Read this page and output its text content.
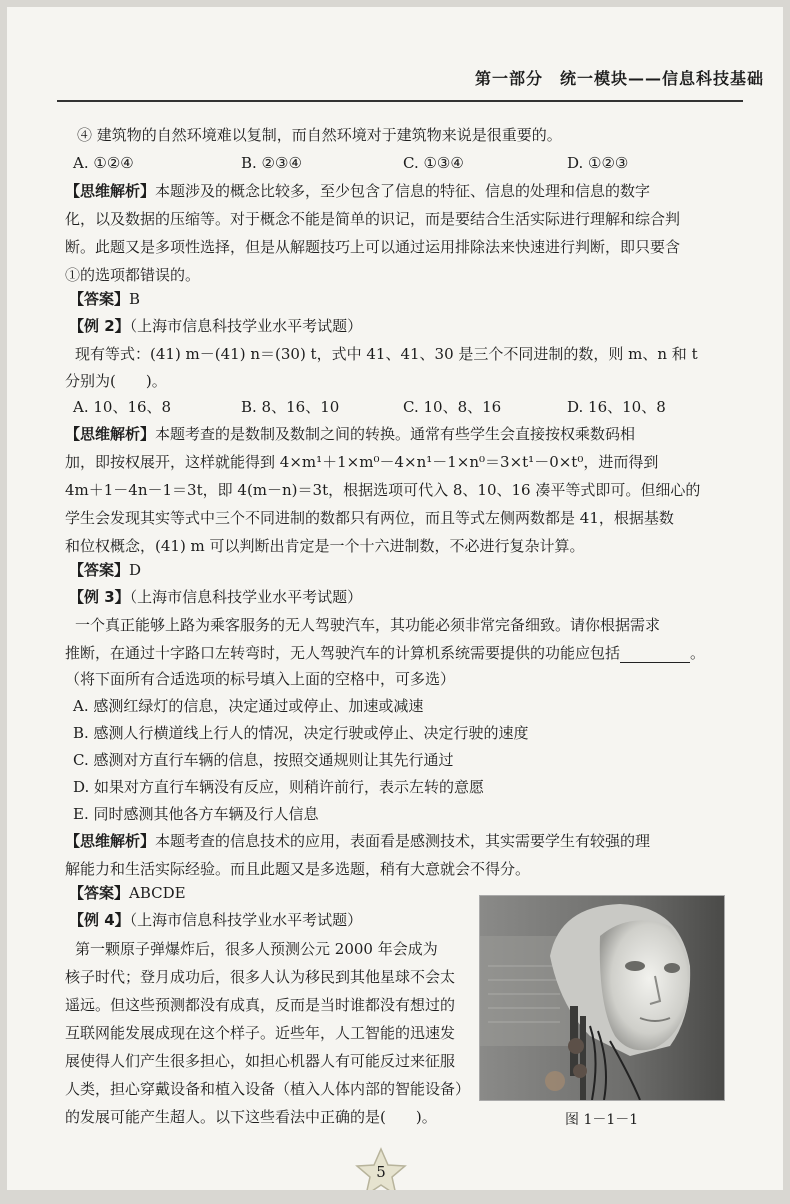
第一部分　统一模块——信息科技基础
④ 建筑物的自然环境难以复制，而自然环境对于建筑物来说是很重要的。
A. ①②④	B. ②③④	C. ①③④	D. ①②③
【思维解析】本题涉及的概念比较多，至少包含了信息的特征、信息的处理和信息的数字
化，以及数据的压缩等。对于概念不能是简单的识记，而是要结合生活实际进行理解和综合判
断。此题又是多项性选择，但是从解题技巧上可以通过运用排除法来快速进行判断，即只要含
①的选项都错误的。
【答案】B
【例 2】（上海市信息科技学业水平考试题）
现有等式：(41) m－(41) n＝(30) t，式中 41、41、30 是三个不同进制的数，则 m、n 和 t
分别为(　　)。
A. 10、16、8	B. 8、16、10	C. 10、8、16	D. 16、10、8
【思维解析】本题考查的是数制及数制之间的转换。通常有些学生会直接按权乘数码相
加，即按权展开，这样就能得到 4×m¹＋1×m⁰－4×n¹－1×n⁰＝3×t¹－0×t⁰，进而得到
4m＋1－4n－1＝3t，即 4(m－n)＝3t，根据选项可代入 8、10、16 凑平等式即可。但细心的
学生会发现其实等式中三个不同进制的数都只有两位，而且等式左侧两数都是 41，根据基数
和位权概念，(41) m 可以判断出肯定是一个十六进制数，不必进行复杂计算。
【答案】D
【例 3】（上海市信息科技学业水平考试题）
一个真正能够上路为乘客服务的无人驾驶汽车，其功能必须非常完备细致。请你根据需求
推断，在通过十字路口左转弯时，无人驾驶汽车的计算机系统需要提供的功能应包括	。
（将下面所有合适选项的标号填入上面的空格中，可多选）
A. 感测红绿灯的信息，决定通过或停止、加速或减速
B. 感测人行横道线上行人的情况，决定行驶或停止、决定行驶的速度
C. 感测对方直行车辆的信息，按照交通规则让其先行通过
D. 如果对方直行车辆没有反应，则稍许前行，表示左转的意愿
E. 同时感测其他各方车辆及行人信息
【思维解析】本题考查的信息技术的应用，表面看是感测技术，其实需要学生有较强的理
解能力和生活实际经验。而且此题又是多选题，稍有大意就会不得分。
【答案】ABCDE
【例 4】（上海市信息科技学业水平考试题）
第一颗原子弹爆炸后，很多人预测公元 2000 年会成为
核子时代；登月成功后，很多人认为移民到其他星球不会太
遥远。但这些预测都没有成真，反而是当时谁都没有想过的
互联网能发展成现在这个样子。近些年，人工智能的迅速发
展使得人们产生很多担心，如担心机器人有可能反过来征服
人类，担心穿戴设备和植入设备（植入人体内部的智能设备）
的发展可能产生超人。以下这些看法中正确的是(　　)。	图 1－1－1
5
